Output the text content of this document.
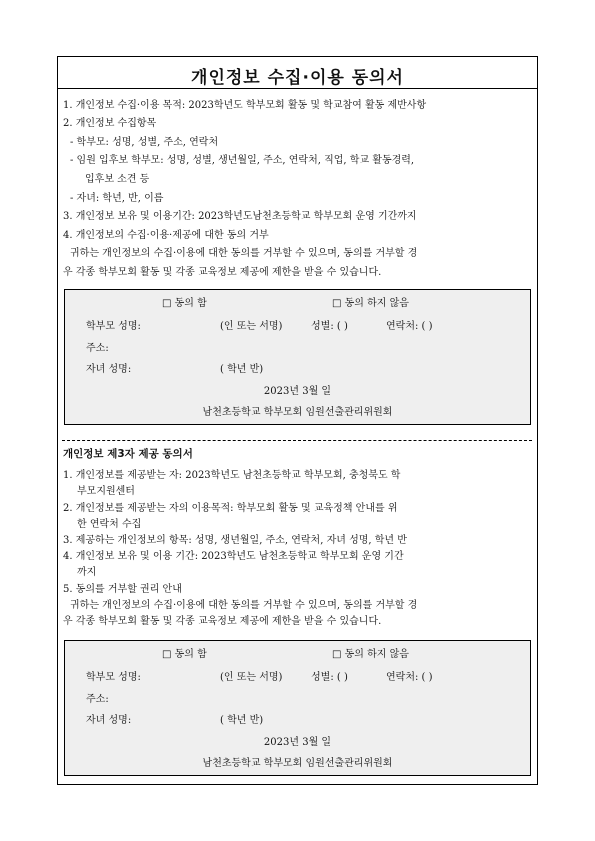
개인정보 수집·이용 동의서
1. 개인정보 수집·이용 목적: 2023학년도 학부모회 활동 및 학교참여 활동 제반사항
2. 개인정보 수집항목
- 학부모: 성명, 성별, 주소, 연락처
- 임원 입후보 학부모: 성명, 성별, 생년월일, 주소, 연락처, 직업, 학교 활동경력,
입후보 소견 등
- 자녀: 학년, 반, 이름
3. 개인정보 보유 및 이용기간: 2023학년도남천초등학교 학부모회 운영 기간까지
4. 개인정보의 수집·이용·제공에 대한 동의 거부
귀하는 개인정보의 수집·이용에 대한 동의를 거부할 수 있으며, 동의를 거부할 경
우 각종 학부모회 활동 및 각종 교육정보 제공에 제한을 받을 수 있습니다.
□ 동의 함	□ 동의 하지 않음
학부모 성명:	(인 또는 서명)	성별: ( )	연락처: ( )
주소:
자녀 성명:	( 학년 반)
2023년 3월 일
남천초등학교 학부모회 임원선출관리위원회
개인정보 제3자 제공 동의서
1. 개인정보를 제공받는 자: 2023학년도 남천초등학교 학부모회, 충청북도 학
부모지원센터
2. 개인정보를 제공받는 자의 이용목적: 학부모회 활동 및 교육정책 안내를 위
한 연락처 수집
3. 제공하는 개인정보의 항목: 성명, 생년월일, 주소, 연락처, 자녀 성명, 학년 반
4. 개인정보 보유 및 이용 기간: 2023학년도 남천초등학교 학부모회 운영 기간
까지
5. 동의를 거부할 권리 안내
귀하는 개인정보의 수집·이용에 대한 동의를 거부할 수 있으며, 동의를 거부할 경
우 각종 학부모회 활동 및 각종 교육정보 제공에 제한을 받을 수 있습니다.
□ 동의 함	□ 동의 하지 않음
학부모 성명:	(인 또는 서명)	성별: ( )	연락처: ( )
주소:
자녀 성명:	( 학년 반)
2023년 3월 일
남천초등학교 학부모회 임원선출관리위원회
